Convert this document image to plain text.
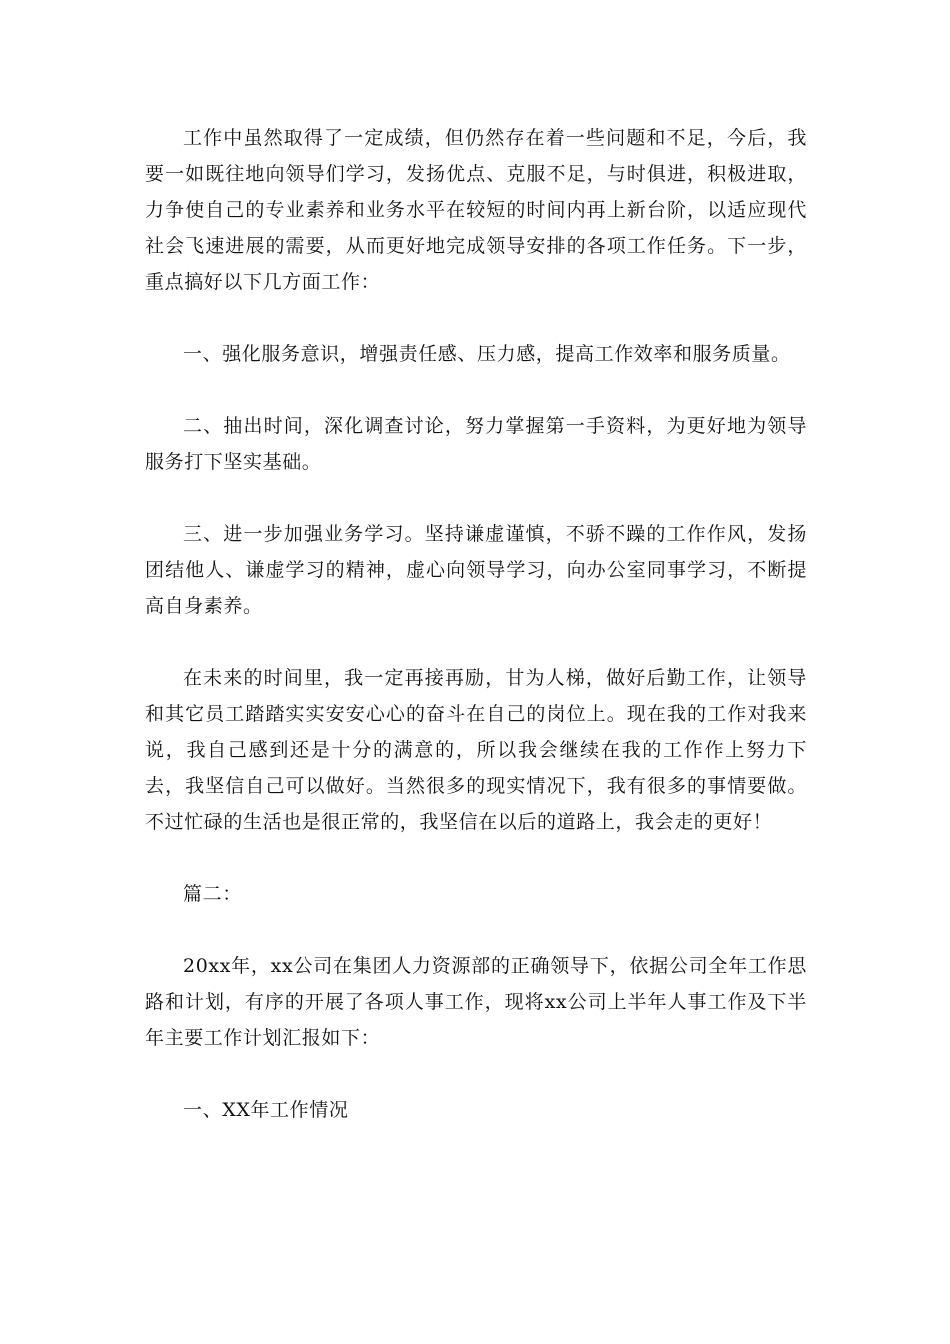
工作中虽然取得了一定成绩，但仍然存在着一些问题和不足，今后，我要一如既往地向领导们学习，发扬优点、克服不足，与时俱进，积极进取，力争使自己的专业素养和业务水平在较短的时间内再上新台阶，以适应现代社会飞速进展的需要，从而更好地完成领导安排的各项工作任务。下一步，重点搞好以下几方面工作：

一、强化服务意识，增强责任感、压力感，提高工作效率和服务质量。

二、抽出时间，深化调查讨论，努力掌握第一手资料，为更好地为领导服务打下坚实基础。

三、进一步加强业务学习。坚持谦虚谨慎，不骄不躁的工作作风，发扬团结他人、谦虚学习的精神，虚心向领导学习，向办公室同事学习，不断提高自身素养。

在未来的时间里，我一定再接再励，甘为人梯，做好后勤工作，让领导和其它员工踏踏实实安安心心的奋斗在自己的岗位上。现在我的工作对我来说，我自己感到还是十分的满意的，所以我会继续在我的工作作上努力下去，我坚信自己可以做好。当然很多的现实情况下，我有很多的事情要做。不过忙碌的生活也是很正常的，我坚信在以后的道路上，我会走的更好！

篇二：

20xx年，xx公司在集团人力资源部的正确领导下，依据公司全年工作思路和计划，有序的开展了各项人事工作，现将xx公司上半年人事工作及下半年主要工作计划汇报如下：

一、XX年工作情况
